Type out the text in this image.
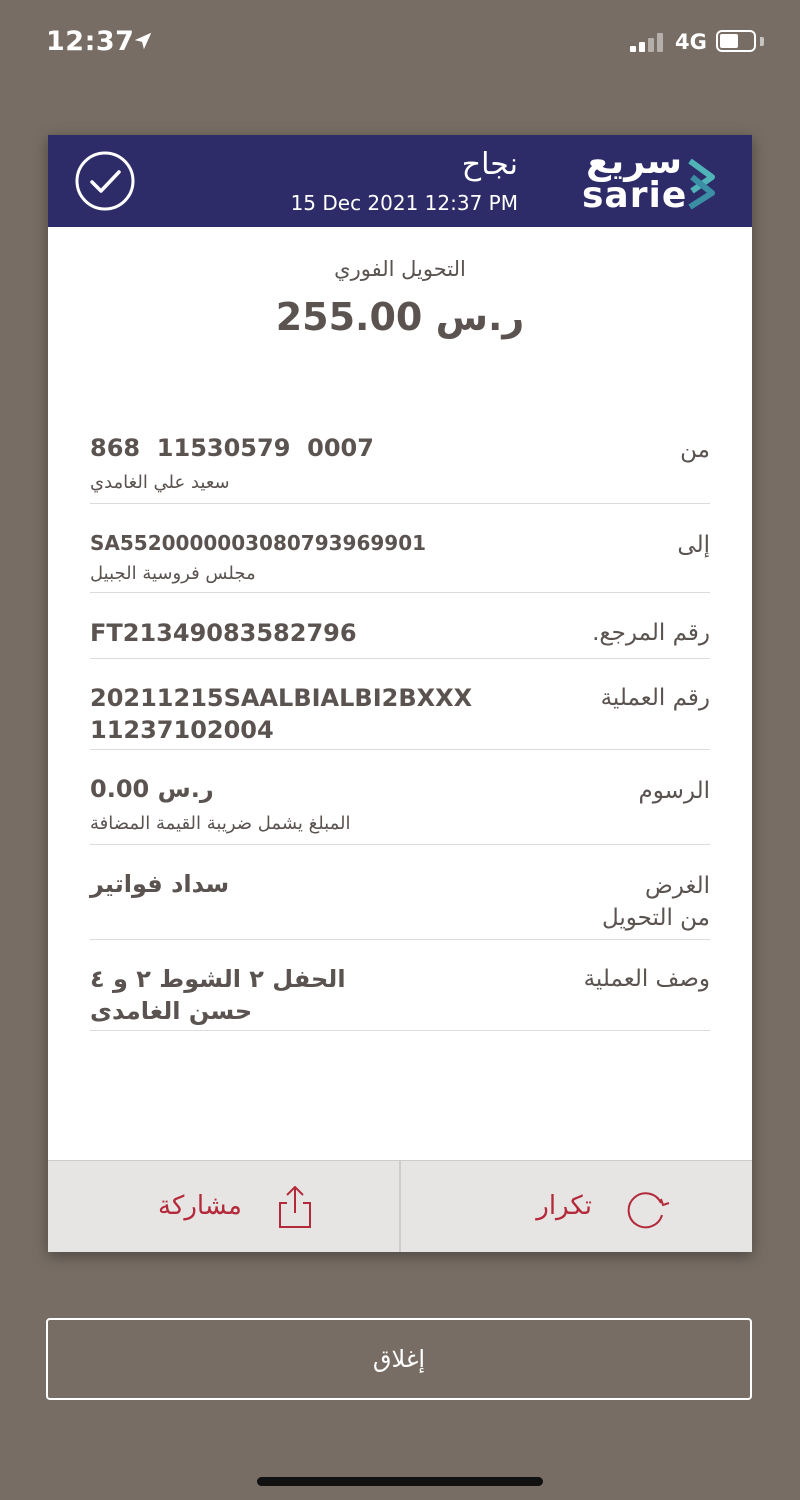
12:37	4G
نجاح
15 Dec 2021 12:37 PM
سريع
sarie
التحويل الفوري
255.00 ر.س
من
868  11530579  0007
سعيد علي الغامدي
إلى
SA5520000003080793969901
مجلس فروسية الجبيل
رقم المرجع.
FT21349083582796
رقم العملية
20211215SAALBIALBI2BXXX
11237102004
الرسوم
0.00 ر.س
المبلغ يشمل ضريبة القيمة المضافة
الغرض
من التحويل
سداد فواتير
وصف العملية
الحفل ٢ الشوط ٢ و ٤
حسن الغامدى
تكرار
مشاركة
إغلاق
